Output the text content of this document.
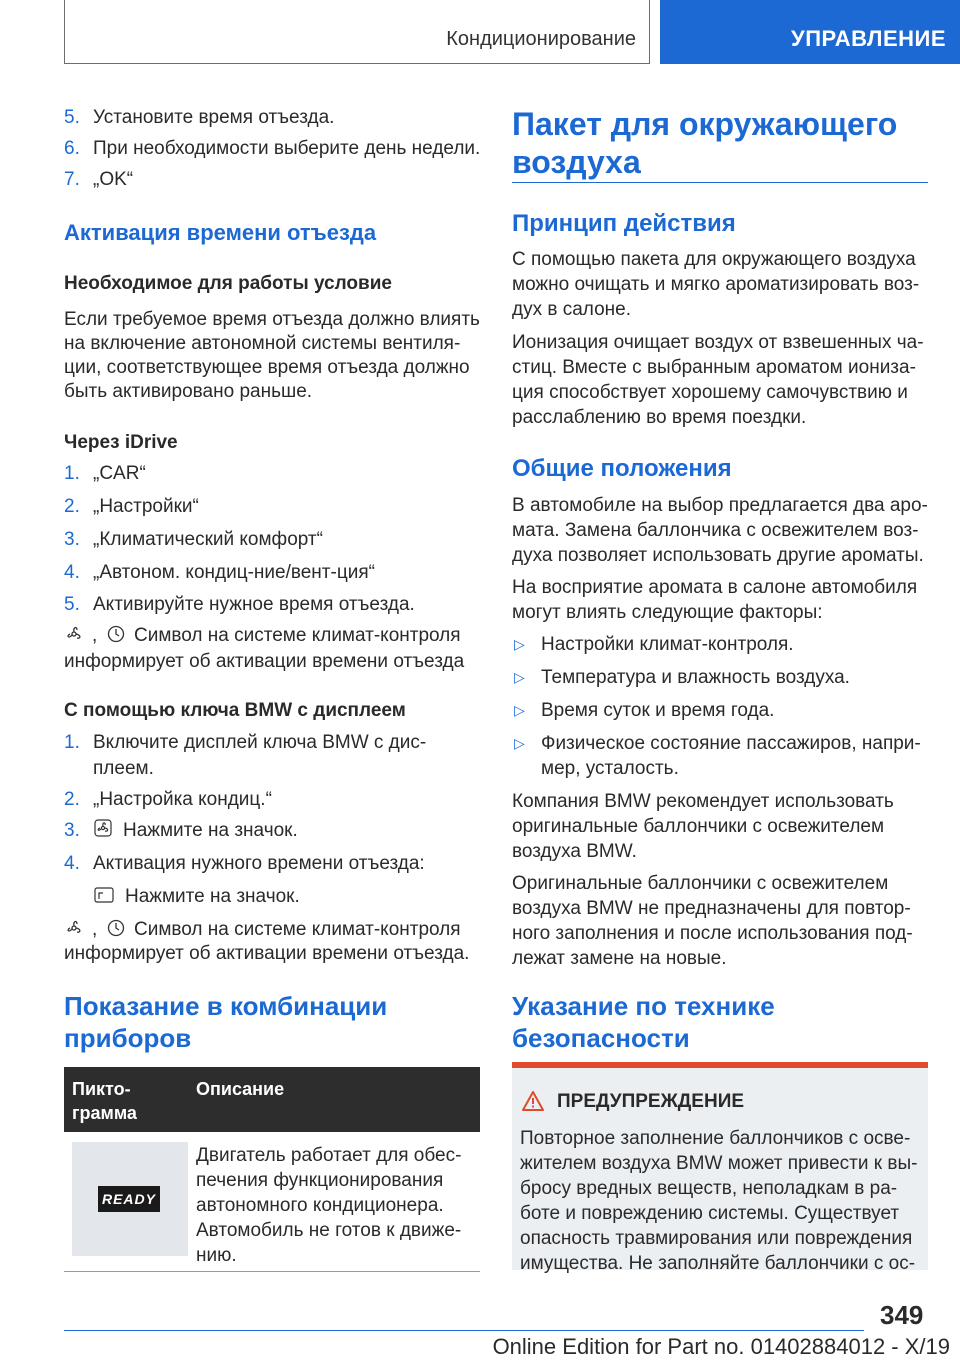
Кондиционирование	УПРАВЛЕНИЕ
5. Установите время отъезда.
6. При необходимости выберите день недели.
7. „OK“
Активация времени отъезда
Необходимое для работы условие
Если требуемое время отъезда должно влиять
на включение автономной системы вентиля-
ции, соответствующее время отъезда должно
быть активировано раньше.
Через iDrive
1. „CAR“
2. „Настройки“
3. „Климатический комфорт“
4. „Автоном. кондиц-ние/вент-ция“
5. Активируйте нужное время отъезда.
, Символ на системе климат-контроля
информирует об активации времени отъезда
С помощью ключа BMW с дисплеем
1. Включите дисплей ключа BMW с дис-
плеем.
2. „Настройка кондиц.“
3. Нажмите на значок.
4. Активация нужного времени отъезда:
Нажмите на значок.
, Символ на системе климат-контроля
информирует об активации времени отъезда.
Показание в комбинации
приборов
Пикто-
грамма
Описание
READY
Двигатель работает для обес-
печения функционирования
автономного кондиционера.
Автомобиль не готов к движе-
нию.
Пакет для окружающего
воздуха
Принцип действия
С помощью пакета для окружающего воздуха
можно очищать и мягко ароматизировать воз-
дух в салоне.
Ионизация очищает воздух от взвешенных ча-
стиц. Вместе с выбранным ароматом иониза-
ция способствует хорошему самочувствию и
расслаблению во время поездки.
Общие положения
В автомобиле на выбор предлагается два аро-
мата. Замена баллончика с освежителем воз-
духа позволяет использовать другие ароматы.
На восприятие аромата в салоне автомобиля
могут влиять следующие факторы:
▷ Настройки климат-контроля.
▷ Температура и влажность воздуха.
▷ Время суток и время года.
▷ Физическое состояние пассажиров, напри-
мер, усталость.
Компания BMW рекомендует использовать
оригинальные баллончики с освежителем
воздуха BMW.
Оригинальные баллончики с освежителем
воздуха BMW не предназначены для повтор-
ного заполнения и после использования под-
лежат замене на новые.
Указание по технике
безопасности
ПРЕДУПРЕЖДЕНИЕ
Повторное заполнение баллончиков с осве-
жителем воздуха BMW может привести к вы-
бросу вредных веществ, неполадкам в ра-
боте и повреждению системы. Существует
опасность травмирования или повреждения
имущества. Не заполняйте баллончики с ос-
349
Online Edition for Part no. 01402884012 - X/19
